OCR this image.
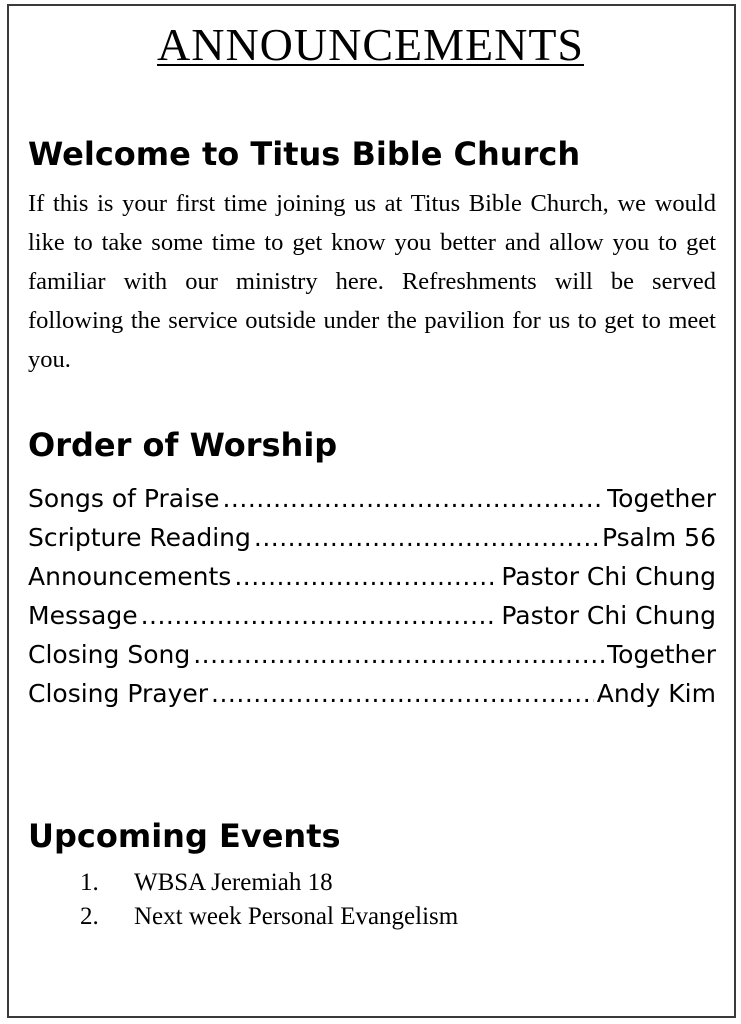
ANNOUNCEMENTS
Welcome to Titus Bible Church
If this is your first time joining us at Titus Bible Church, we would like to take some time to get know you better and allow you to get familiar with our ministry here. Refreshments will be served following the service outside under the pavilion for us to get to meet you.
Order of Worship
Songs of Praise .....	Together
Scripture Reading .....	Psalm 56
Announcements .....	Pastor Chi Chung
Message .....	Pastor Chi Chung
Closing Song .....	Together
Closing Prayer .....	Andy Kim
Upcoming Events
1.	WBSA Jeremiah 18
2.	Next week Personal Evangelism
